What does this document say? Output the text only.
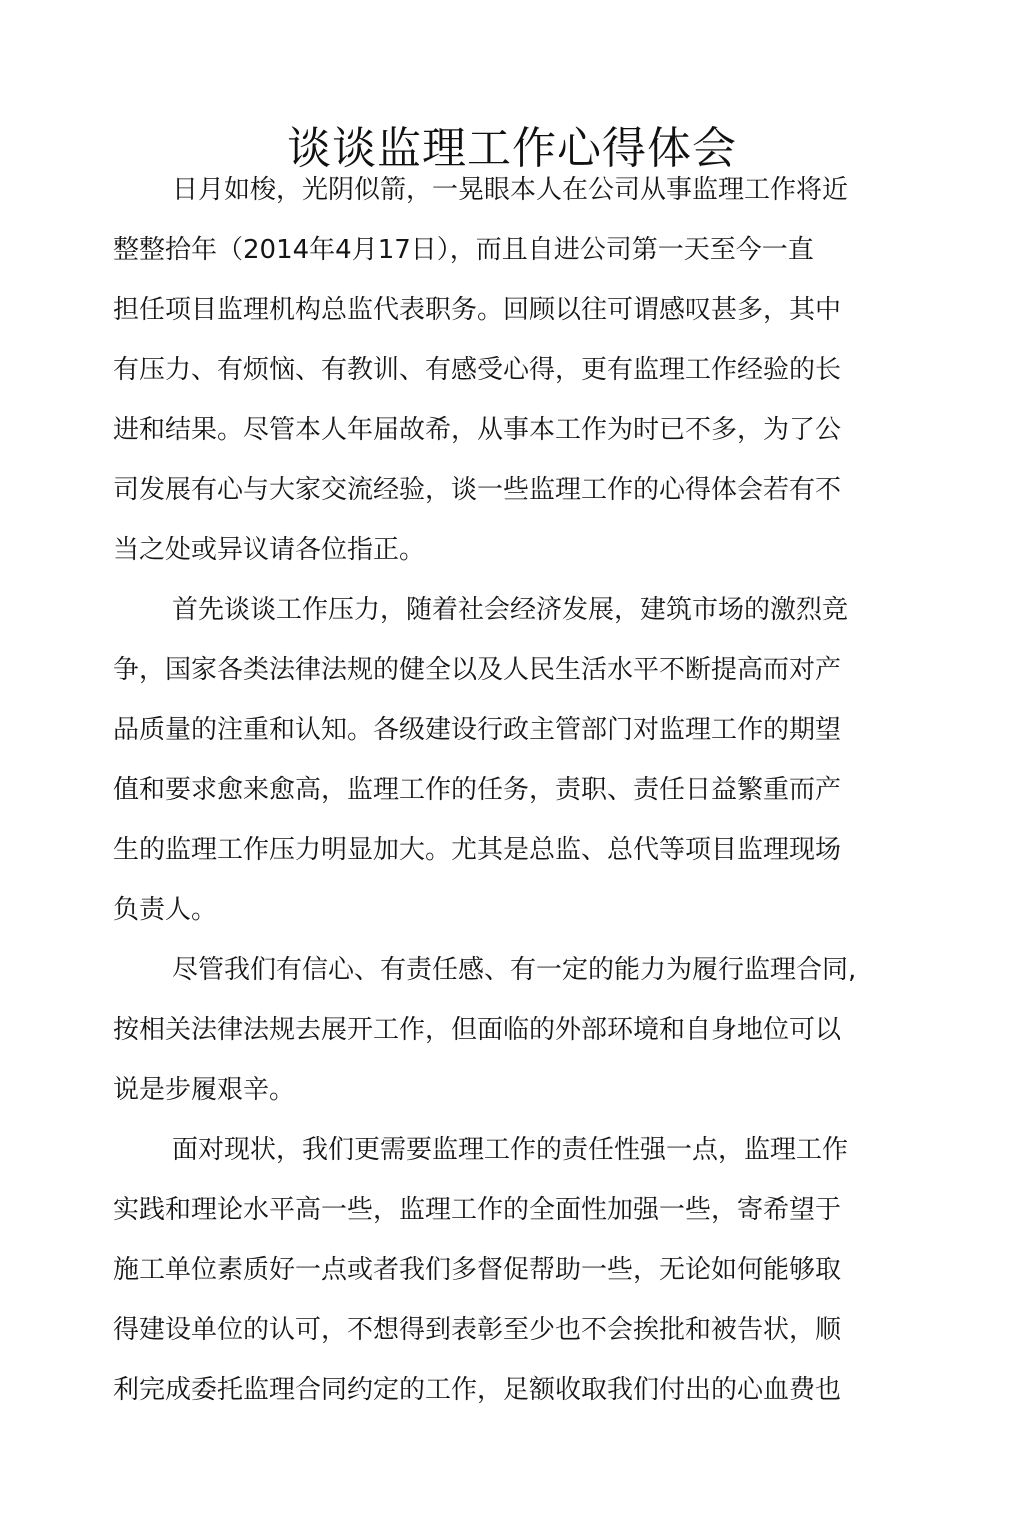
谈谈监理工作心得体会
日月如梭，光阴似箭，一晃眼本人在公司从事监理工作将近
整整拾年（2014年4月17日），而且自进公司第一天至今一直
担任项目监理机构总监代表职务。回顾以往可谓感叹甚多，其中
有压力、有烦恼、有教训、有感受心得，更有监理工作经验的长
进和结果。尽管本人年届故希，从事本工作为时已不多，为了公
司发展有心与大家交流经验，谈一些监理工作的心得体会若有不
当之处或异议请各位指正。
首先谈谈工作压力，随着社会经济发展，建筑市场的激烈竞
争，国家各类法律法规的健全以及人民生活水平不断提高而对产
品质量的注重和认知。各级建设行政主管部门对监理工作的期望
值和要求愈来愈高，监理工作的任务，责职、责任日益繁重而产
生的监理工作压力明显加大。尤其是总监、总代等项目监理现场
负责人。
尽管我们有信心、有责任感、有一定的能力为履行监理合同,
按相关法律法规去展开工作，但面临的外部环境和自身地位可以
说是步履艰辛。
面对现状，我们更需要监理工作的责任性强一点，监理工作
实践和理论水平高一些，监理工作的全面性加强一些，寄希望于
施工单位素质好一点或者我们多督促帮助一些，无论如何能够取
得建设单位的认可，不想得到表彰至少也不会挨批和被告状，顺
利完成委托监理合同约定的工作，足额收取我们付出的心血费也
